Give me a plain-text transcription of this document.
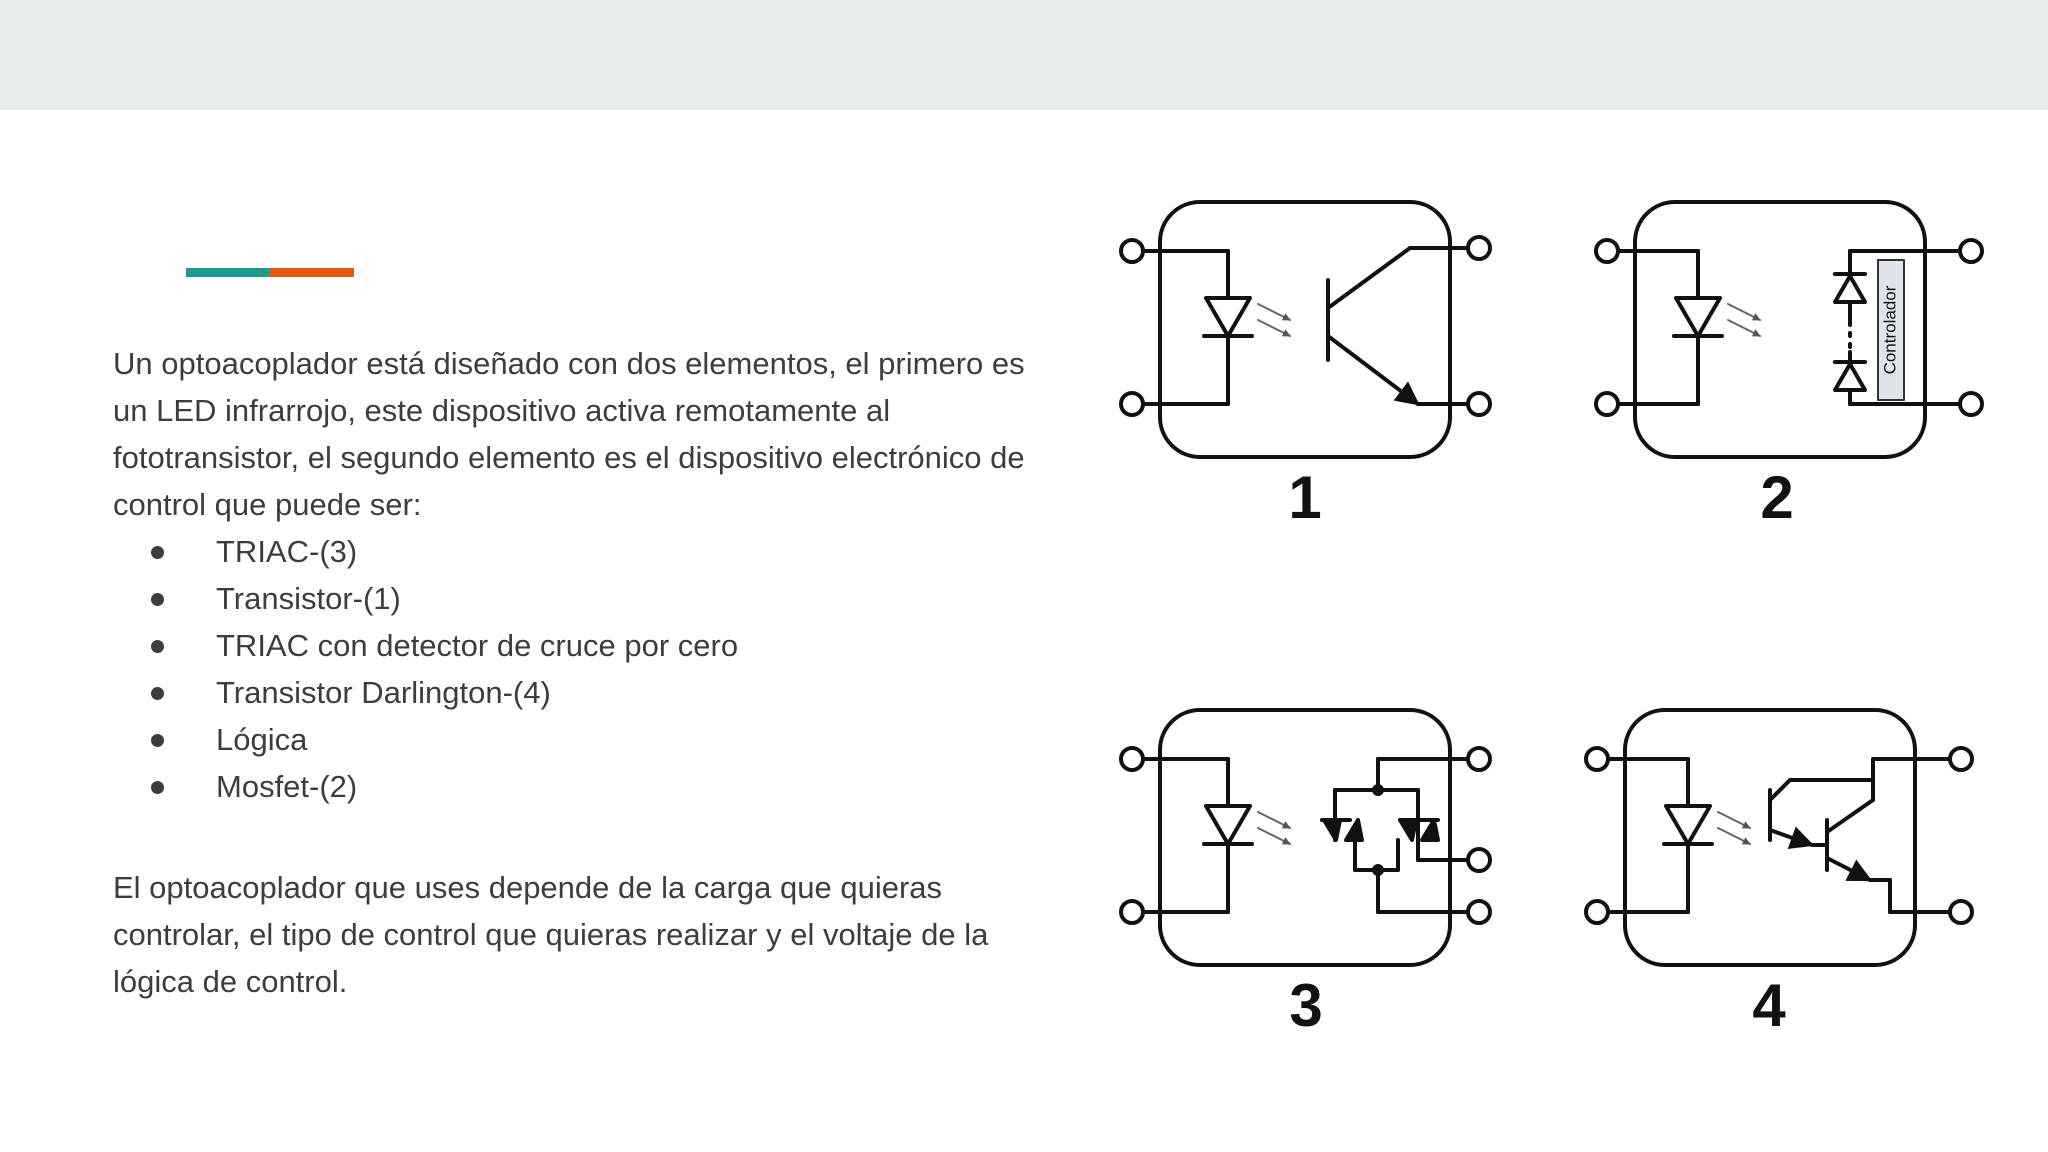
Un optoacoplador está diseñado con dos elementos, el primero es un LED infrarrojo, este dispositivo activa remotamente al fototransistor, el segundo elemento es el dispositivo electrónico de control que puede ser:

TRIAC-(3)
Transistor-(1)
TRIAC con detector de cruce por cero
Transistor Darlington-(4)
Lógica
Mosfet-(2)

El optoacoplador que uses depende de la carga que quieras controlar, el tipo de control que quieras realizar y el voltaje de la lógica de control.

Controlador
1	2
3	4
